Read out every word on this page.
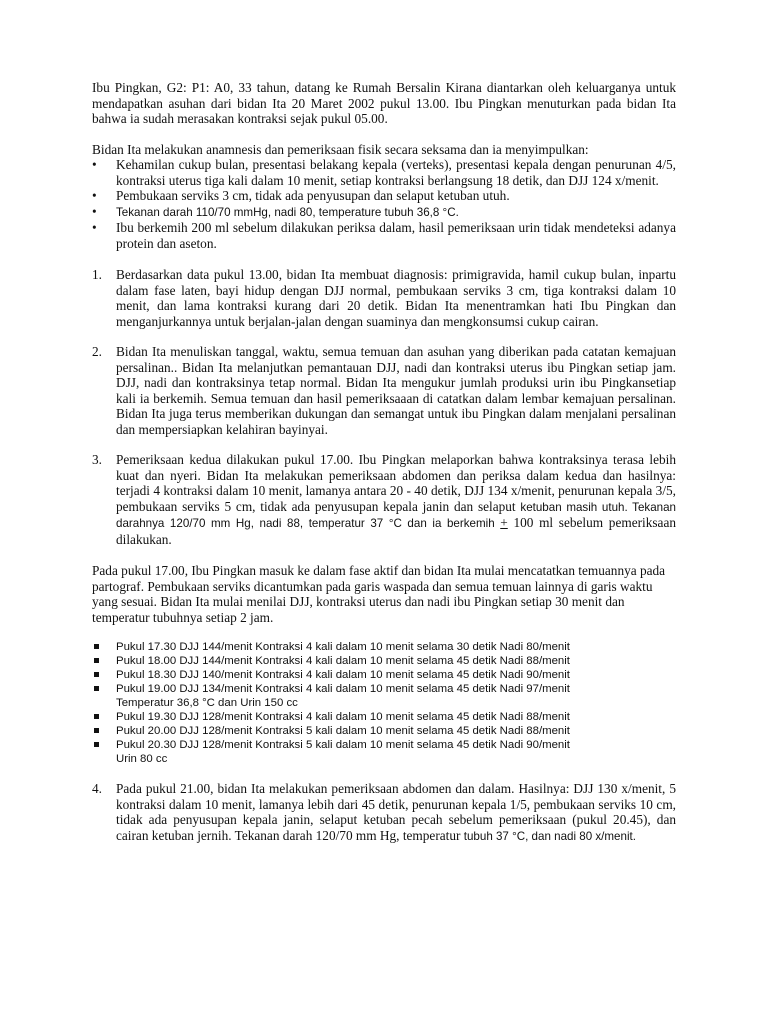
Ibu Pingkan, G2: P1: A0, 33 tahun, datang ke Rumah Bersalin Kirana diantarkan oleh keluarganya untuk mendapatkan asuhan dari bidan Ita 20 Maret 2002 pukul 13.00. Ibu Pingkan menuturkan pada bidan Ita bahwa ia sudah merasakan kontraksi sejak pukul 05.00.

Bidan Ita melakukan anamnesis dan pemeriksaan fisik secara seksama dan ia menyimpulkan:

•	Kehamilan cukup bulan, presentasi belakang kepala (verteks), presentasi kepala dengan penurunan 4/5, kontraksi uterus tiga kali dalam 10 menit, setiap kontraksi berlangsung 18 detik, dan DJJ 124 x/menit.
•	Pembukaan serviks 3 cm, tidak ada penyusupan dan selaput ketuban utuh.
•	Tekanan darah 110/70 mmHg, nadi 80, temperature tubuh 36,8 °C.
•	Ibu berkemih 200 ml sebelum dilakukan periksa dalam, hasil pemeriksaan urin tidak mendeteksi adanya protein dan aseton.
1. Berdasarkan data pukul 13.00, bidan Ita membuat diagnosis: primigravida, hamil cukup bulan, inpartu dalam fase laten, bayi hidup dengan DJJ normal, pembukaan serviks 3 cm, tiga kontraksi dalam 10 menit, dan lama kontraksi kurang dari 20 detik. Bidan Ita menentramkan hati Ibu Pingkan dan menganjurkannya untuk berjalan-jalan dengan suaminya dan mengkonsumsi cukup cairan.
2. Bidan Ita menuliskan tanggal, waktu, semua temuan dan asuhan yang diberikan pada catatan kemajuan persalinan.. Bidan Ita melanjutkan pemantauan DJJ, nadi dan kontraksi uterus ibu Pingkan setiap jam. DJJ, nadi dan kontraksinya tetap normal. Bidan Ita mengukur jumlah produksi urin ibu Pingkansetiap kali ia berkemih. Semua temuan dan hasil pemeriksaaan di catatkan dalam lembar kemajuan persalinan. Bidan Ita juga terus memberikan dukungan dan semangat untuk ibu Pingkan dalam menjalani persalinan dan mempersiapkan kelahiran bayinyai.
3. Pemeriksaan kedua dilakukan pukul 17.00. Ibu Pingkan melaporkan bahwa kontraksinya terasa lebih kuat dan nyeri. Bidan Ita melakukan pemeriksaan abdomen dan periksa dalam kedua dan hasilnya: terjadi 4 kontraksi dalam 10 menit, lamanya antara 20 - 40 detik, DJJ 134 x/menit, penurunan kepala 3/5, pembukaan serviks 5 cm, tidak ada penyusupan kepala janin dan selaput ketuban masih utuh. Tekanan darahnya 120/70 mm Hg, nadi 88, temperatur 37 °C dan ia berkemih + 100 ml sebelum pemeriksaan dilakukan.

Pada pukul 17.00, Ibu Pingkan masuk ke dalam fase aktif dan bidan Ita mulai mencatatkan temuannya pada partograf. Pembukaan serviks dicantumkan pada garis waspada dan semua temuan lainnya di garis waktu yang sesuai. Bidan Ita mulai menilai DJJ, kontraksi uterus dan nadi ibu Pingkan setiap 30 menit dan temperatur tubuhnya setiap 2 jam.

Pukul 17.30 DJJ 144/menit Kontraksi 4 kali dalam 10 menit selama 30 detik Nadi 80/menit
Pukul 18.00 DJJ 144/menit Kontraksi 4 kali dalam 10 menit selama 45 detik Nadi 88/menit
Pukul 18.30 DJJ 140/menit Kontraksi 4 kali dalam 10 menit selama 45 detik Nadi 90/menit
Pukul 19.00 DJJ 134/menit Kontraksi 4 kali dalam 10 menit selama 45 detik Nadi 97/menit
Temperatur 36,8 °C dan Urin 150 cc
Pukul 19.30 DJJ 128/menit Kontraksi 4 kali dalam 10 menit selama 45 detik Nadi 88/menit
Pukul 20.00 DJJ 128/menit Kontraksi 5 kali dalam 10 menit selama 45 detik Nadi 88/menit
Pukul 20.30 DJJ 128/menit Kontraksi 5 kali dalam 10 menit selama 45 detik Nadi 90/menit
Urin 80 cc
4. Pada pukul 21.00, bidan Ita melakukan pemeriksaan abdomen dan dalam. Hasilnya: DJJ 130 x/menit, 5 kontraksi dalam 10 menit, lamanya lebih dari 45 detik, penurunan kepala 1/5, pembukaan serviks 10 cm, tidak ada penyusupan kepala janin, selaput ketuban pecah sebelum pemeriksaan (pukul 20.45), dan cairan ketuban jernih. Tekanan darah 120/70 mm Hg, temperatur tubuh 37 °C, dan nadi 80 x/menit.
